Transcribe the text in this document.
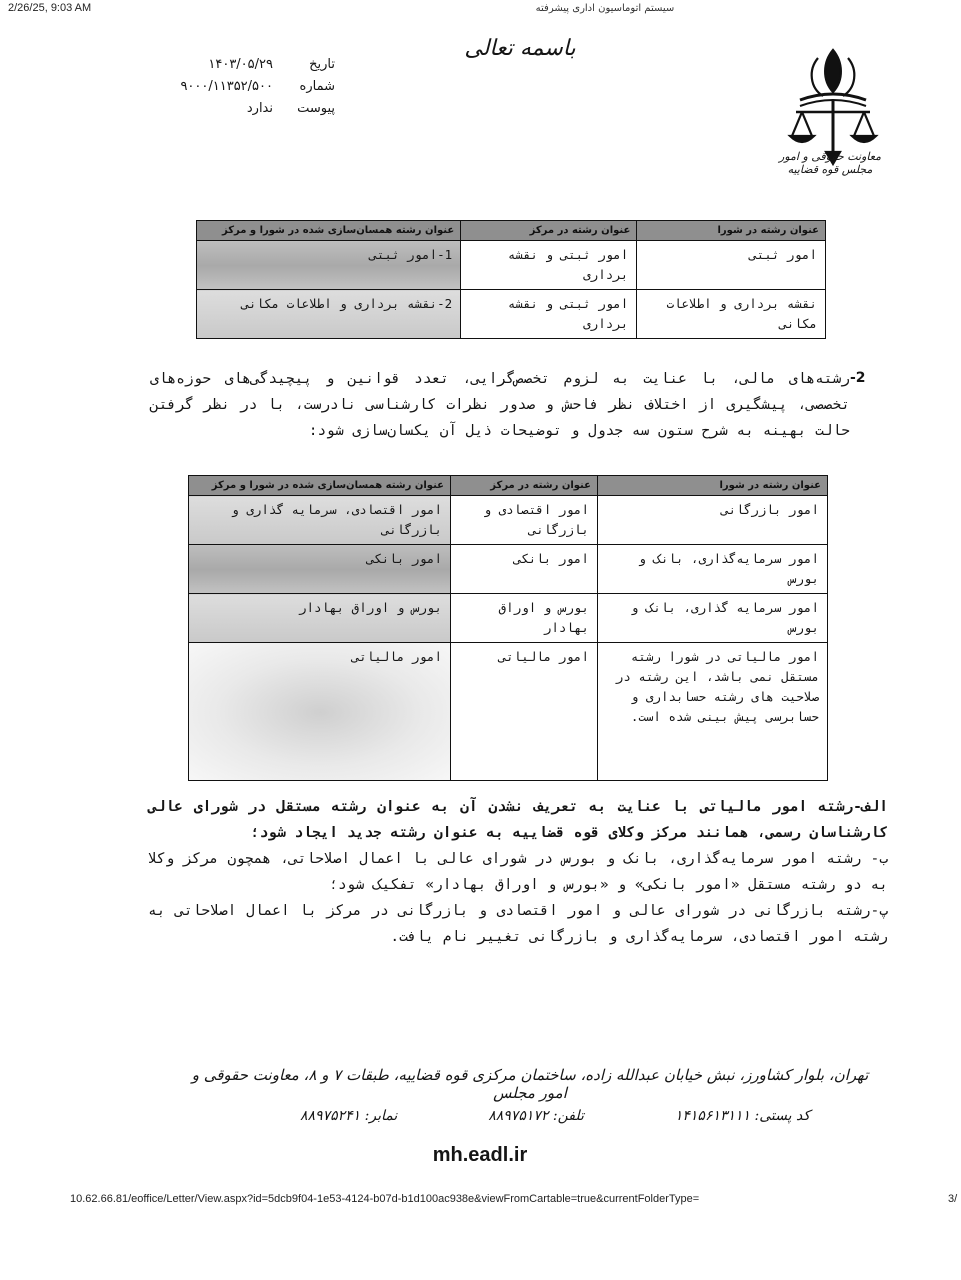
2/26/25, 9:03 AM	سیستم اتوماسیون اداری پیشرفته
باسمه تعالی
تاریخ
۱۴۰۳/۰۵/۲۹
شماره
۹۰۰۰/۱۱۳۵۲/۵۰۰
پیوست
ندارد
معاونت حقوقی و امور مجلس قوه قضاییه
عنوان رشته در شورا	عنوان رشته در مرکز	عنوان رشته همسان‌سازی شده در شورا و مرکز
امور ثبتی	امور ثبتی و نقشه برداری	1-امور ثبتی
نقشه برداری و اطلاعات مکانی	امور ثبتی و نقشه برداری	2-نقشه برداری و اطلاعات مکانی
-2
رشته‌های مالی، با عنایت به لزوم تخصص‌گرایی، تعدد قوانین و پیچیدگی‌های حوزه‌های تخصصی، پیشگیری از اختلاف نظر فاحش و صدور نظرات کارشناسی نادرست، با در نظر گرفتن حالت بهینه به شرح ستون سه جدول و توضیحات ذیل آن یکسان‌سازی شود:
عنوان رشته در شورا	عنوان رشته در مرکز	عنوان رشته همسان‌سازی شده در شورا و مرکز
امور بازرگانی	امور اقتصادی و بازرگانی	امور اقتصادی، سرمایه گذاری و بازرگانی
امور سرمایه‌گذاری، بانک و بورس	امور بانکی	امور بانکی
امور سرمایه گذاری، بانک و بورس	بورس و اوراق بهادار	بورس و اوراق بهادار
امور مالیاتی در شورا رشته مستقل نمی باشد، این رشته در صلاحیت های رشته حسابداری و حسابرسی پیش بینی شده است.	امور مالیاتی	امور مالیاتی

الف-رشته امور مالیاتی با عنایت به تعریف نشدن آن به عنوان رشته مستقل در شورای عالی کارشناسان رسمی، همانند مرکز وکلای قوه قضاییه به عنوان رشته جدید ایجاد شود؛

ب- رشته امور سرمایه‌گذاری، بانک و بورس در شورای عالی با اعمال اصلاحاتی، همچون مرکز وکلا به دو رشته مستقل «امور بانکی» و «بورس و اوراق بهادار» تفکیک شود؛

پ-رشته بازرگانی در شورای عالی و امور اقتصادی و بازرگانی در مرکز با اعمال اصلاحاتی به رشته امور اقتصادی، سرمایه‌گذاری و بازرگانی تغییر نام یافت.

تهران، بلوار کشاورز، نبش خیابان عبدالله زاده، ساختمان مرکزی قوه قضاییه، طبقات ۷ و ۸، معاونت حقوقی و امور مجلس
کد پستی: ۱۴۱۵۶۱۳۱۱۱
تلفن: ۸۸۹۷۵۱۷۲
نمابر: ۸۸۹۷۵۲۴۱
mh.eadl.ir
10.62.66.81/eoffice/Letter/View.aspx?id=5dcb9f04-1e53-4124-b07d-b1d100ac938e&viewFromCartable=true&currentFolderType=	3/
